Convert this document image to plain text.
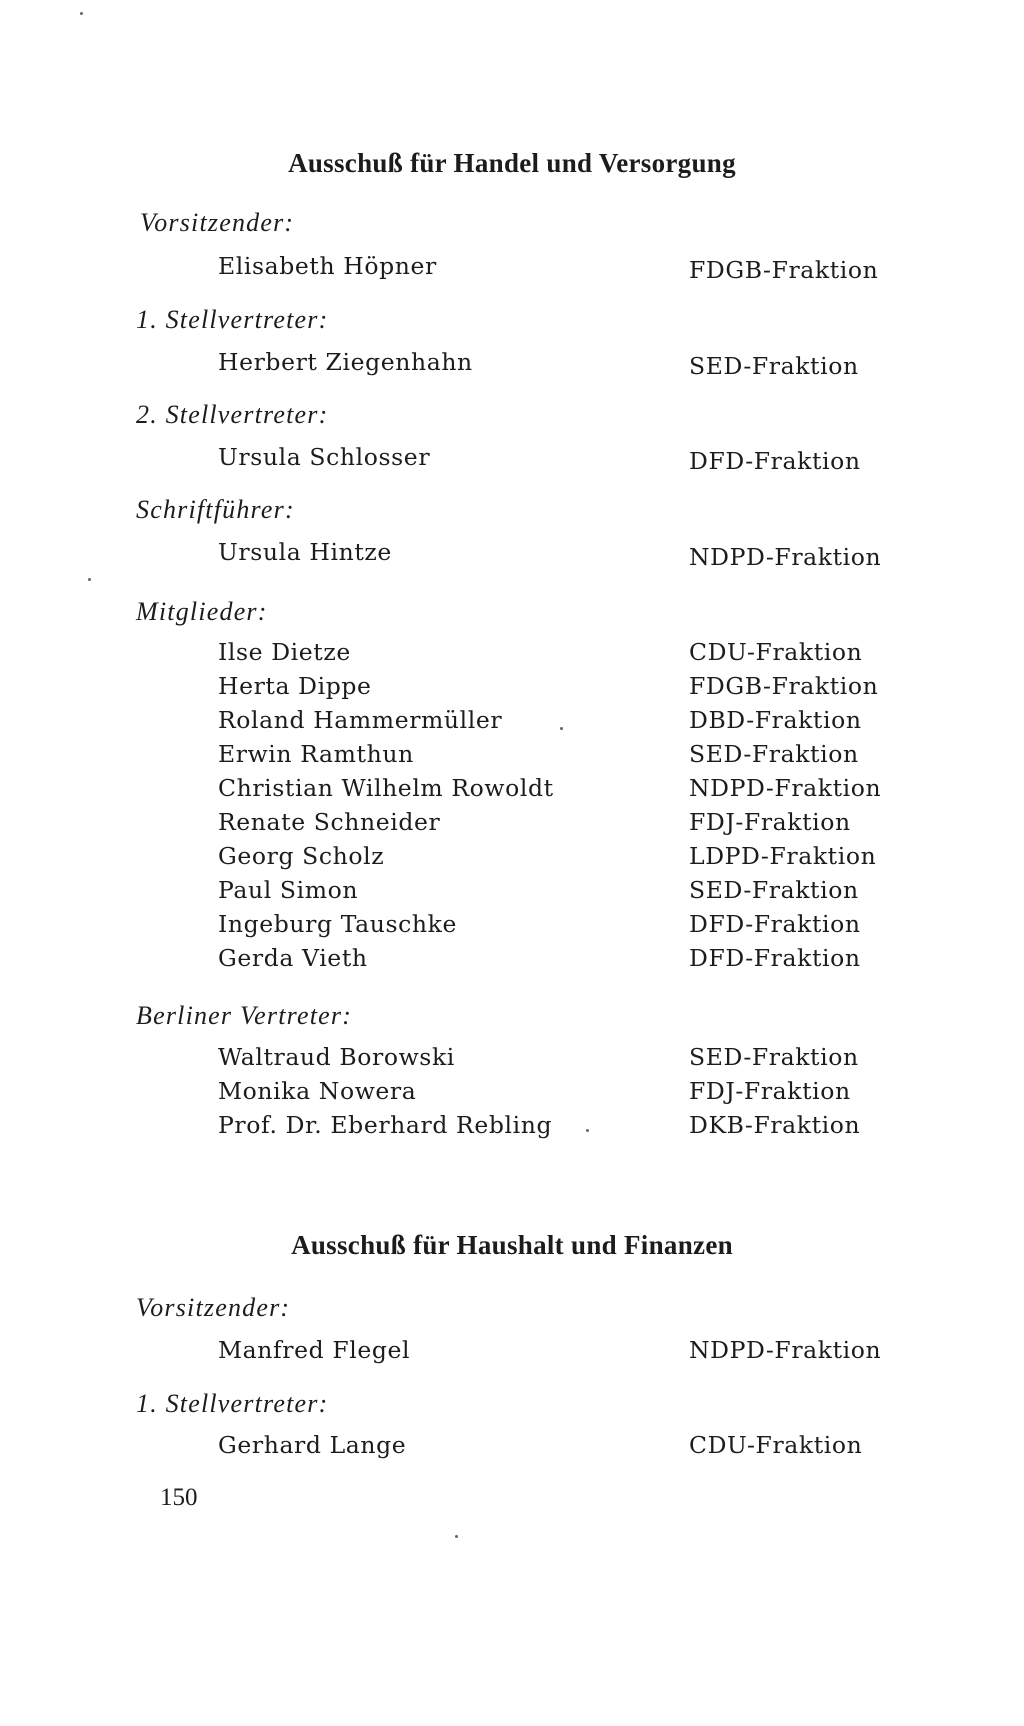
Ausschuß für Handel und Versorgung
Vorsitzender:
Elisabeth Höpner	FDGB-Fraktion
1. Stellvertreter:
Herbert Ziegenhahn	SED-Fraktion
2. Stellvertreter:
Ursula Schlosser	DFD-Fraktion
Schriftführer:
Ursula Hintze	NDPD-Fraktion
Mitglieder:
Ilse Dietze	CDU-Fraktion
Herta Dippe	FDGB-Fraktion
Roland Hammermüller	DBD-Fraktion
Erwin Ramthun	SED-Fraktion
Christian Wilhelm Rowoldt	NDPD-Fraktion
Renate Schneider	FDJ-Fraktion
Georg Scholz	LDPD-Fraktion
Paul Simon	SED-Fraktion
Ingeburg Tauschke	DFD-Fraktion
Gerda Vieth	DFD-Fraktion
Berliner Vertreter:
Waltraud Borowski	SED-Fraktion
Monika Nowera	FDJ-Fraktion
Prof. Dr. Eberhard Rebling	DKB-Fraktion
Ausschuß für Haushalt und Finanzen
Vorsitzender:
Manfred Flegel	NDPD-Fraktion
1. Stellvertreter:
Gerhard Lange	CDU-Fraktion
150
